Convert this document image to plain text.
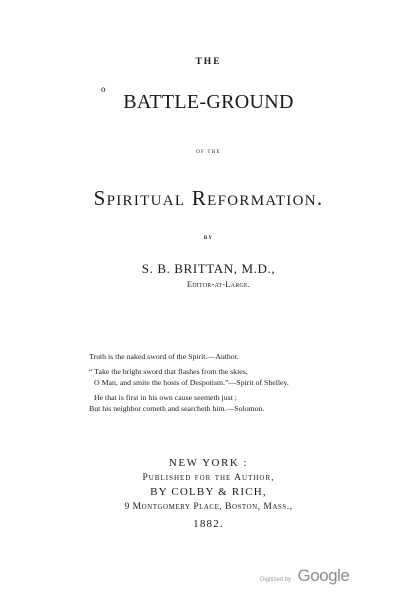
THE
o
BATTLE-GROUND
OF THE
Spiritual Reformation.
BY
S. B. BRITTAN, M.D.,
Editor-at-Large.
Truth is the naked sword of the Spirit.—Author.
“ Take the bright sword that flashes from the skies,
O Man, and smite the hosts of Despotism.”—Spirit of Shelley.
He that is first in his own cause seemeth just ;
But his neighbor cometh and searcheth him.—Solomon.
NEW YORK :
Published for the Author,
BY COLBY & RICH,
9 Montgomery Place, Boston, Mass.,
1882.
Digitized by Google
